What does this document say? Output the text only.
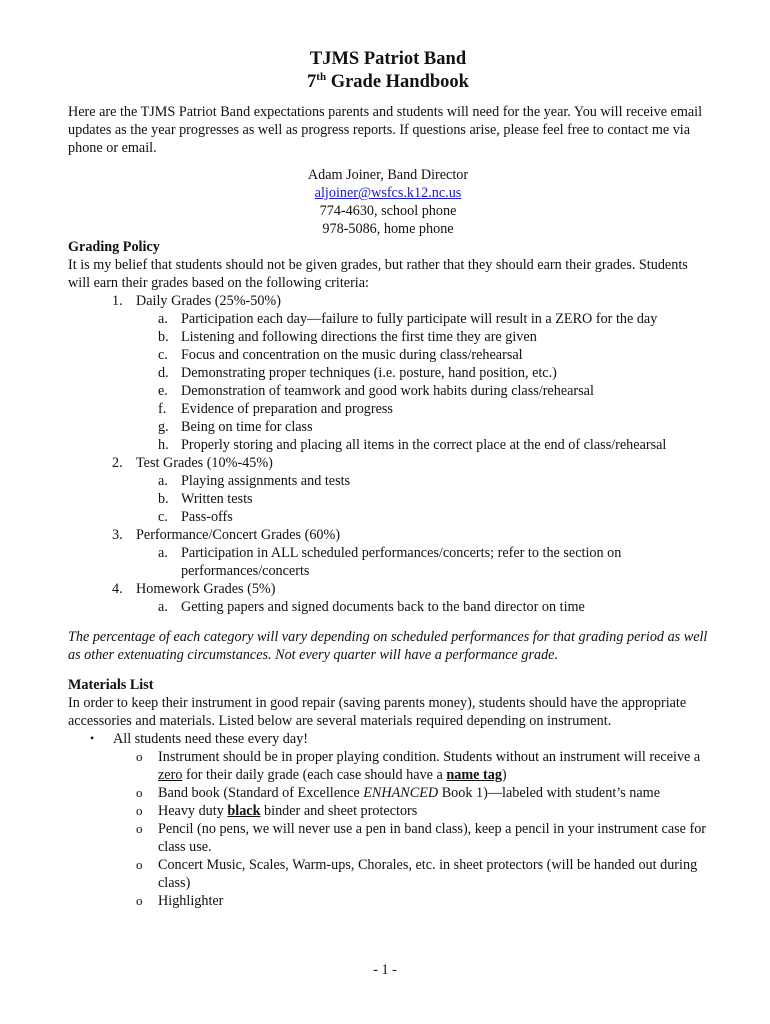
TJMS Patriot Band
7th Grade Handbook

Here are the TJMS Patriot Band expectations parents and students will need for the year. You will receive email updates as the year progresses as well as progress reports. If questions arise, please feel free to contact me via phone or email.

Adam Joiner, Band Director
aljoiner@wsfcs.k12.nc.us
774-4630, school phone
978-5086, home phone
Grading Policy

It is my belief that students should not be given grades, but rather that they should earn their grades. Students will earn their grades based on the following criteria:

1. Daily Grades (25%-50%)
a. Participation each day—failure to fully participate will result in a ZERO for the day
b. Listening and following directions the first time they are given
c. Focus and concentration on the music during class/rehearsal
d. Demonstrating proper techniques (i.e. posture, hand position, etc.)
e. Demonstration of teamwork and good work habits during class/rehearsal
f. Evidence of preparation and progress
g. Being on time for class
h. Properly storing and placing all items in the correct place at the end of class/rehearsal
2. Test Grades (10%-45%)
a. Playing assignments and tests
b. Written tests
c. Pass-offs
3. Performance/Concert Grades (60%)
a. Participation in ALL scheduled performances/concerts; refer to the section on performances/concerts
4. Homework Grades (5%)
a. Getting papers and signed documents back to the band director on time

The percentage of each category will vary depending on scheduled performances for that grading period as well as other extenuating circumstances. Not every quarter will have a performance grade.

Materials List

In order to keep their instrument in good repair (saving parents money), students should have the appropriate accessories and materials. Listed below are several materials required depending on instrument.

• All students need these every day!
o Instrument should be in proper playing condition. Students without an instrument will receive a zero for their daily grade (each case should have a name tag)
o Band book (Standard of Excellence ENHANCED Book 1)—labeled with student’s name
o Heavy duty black binder and sheet protectors
o Pencil (no pens, we will never use a pen in band class), keep a pencil in your instrument case for class use.
o Concert Music, Scales, Warm-ups, Chorales, etc. in sheet protectors (will be handed out during class)
o Highlighter
- 1 -
